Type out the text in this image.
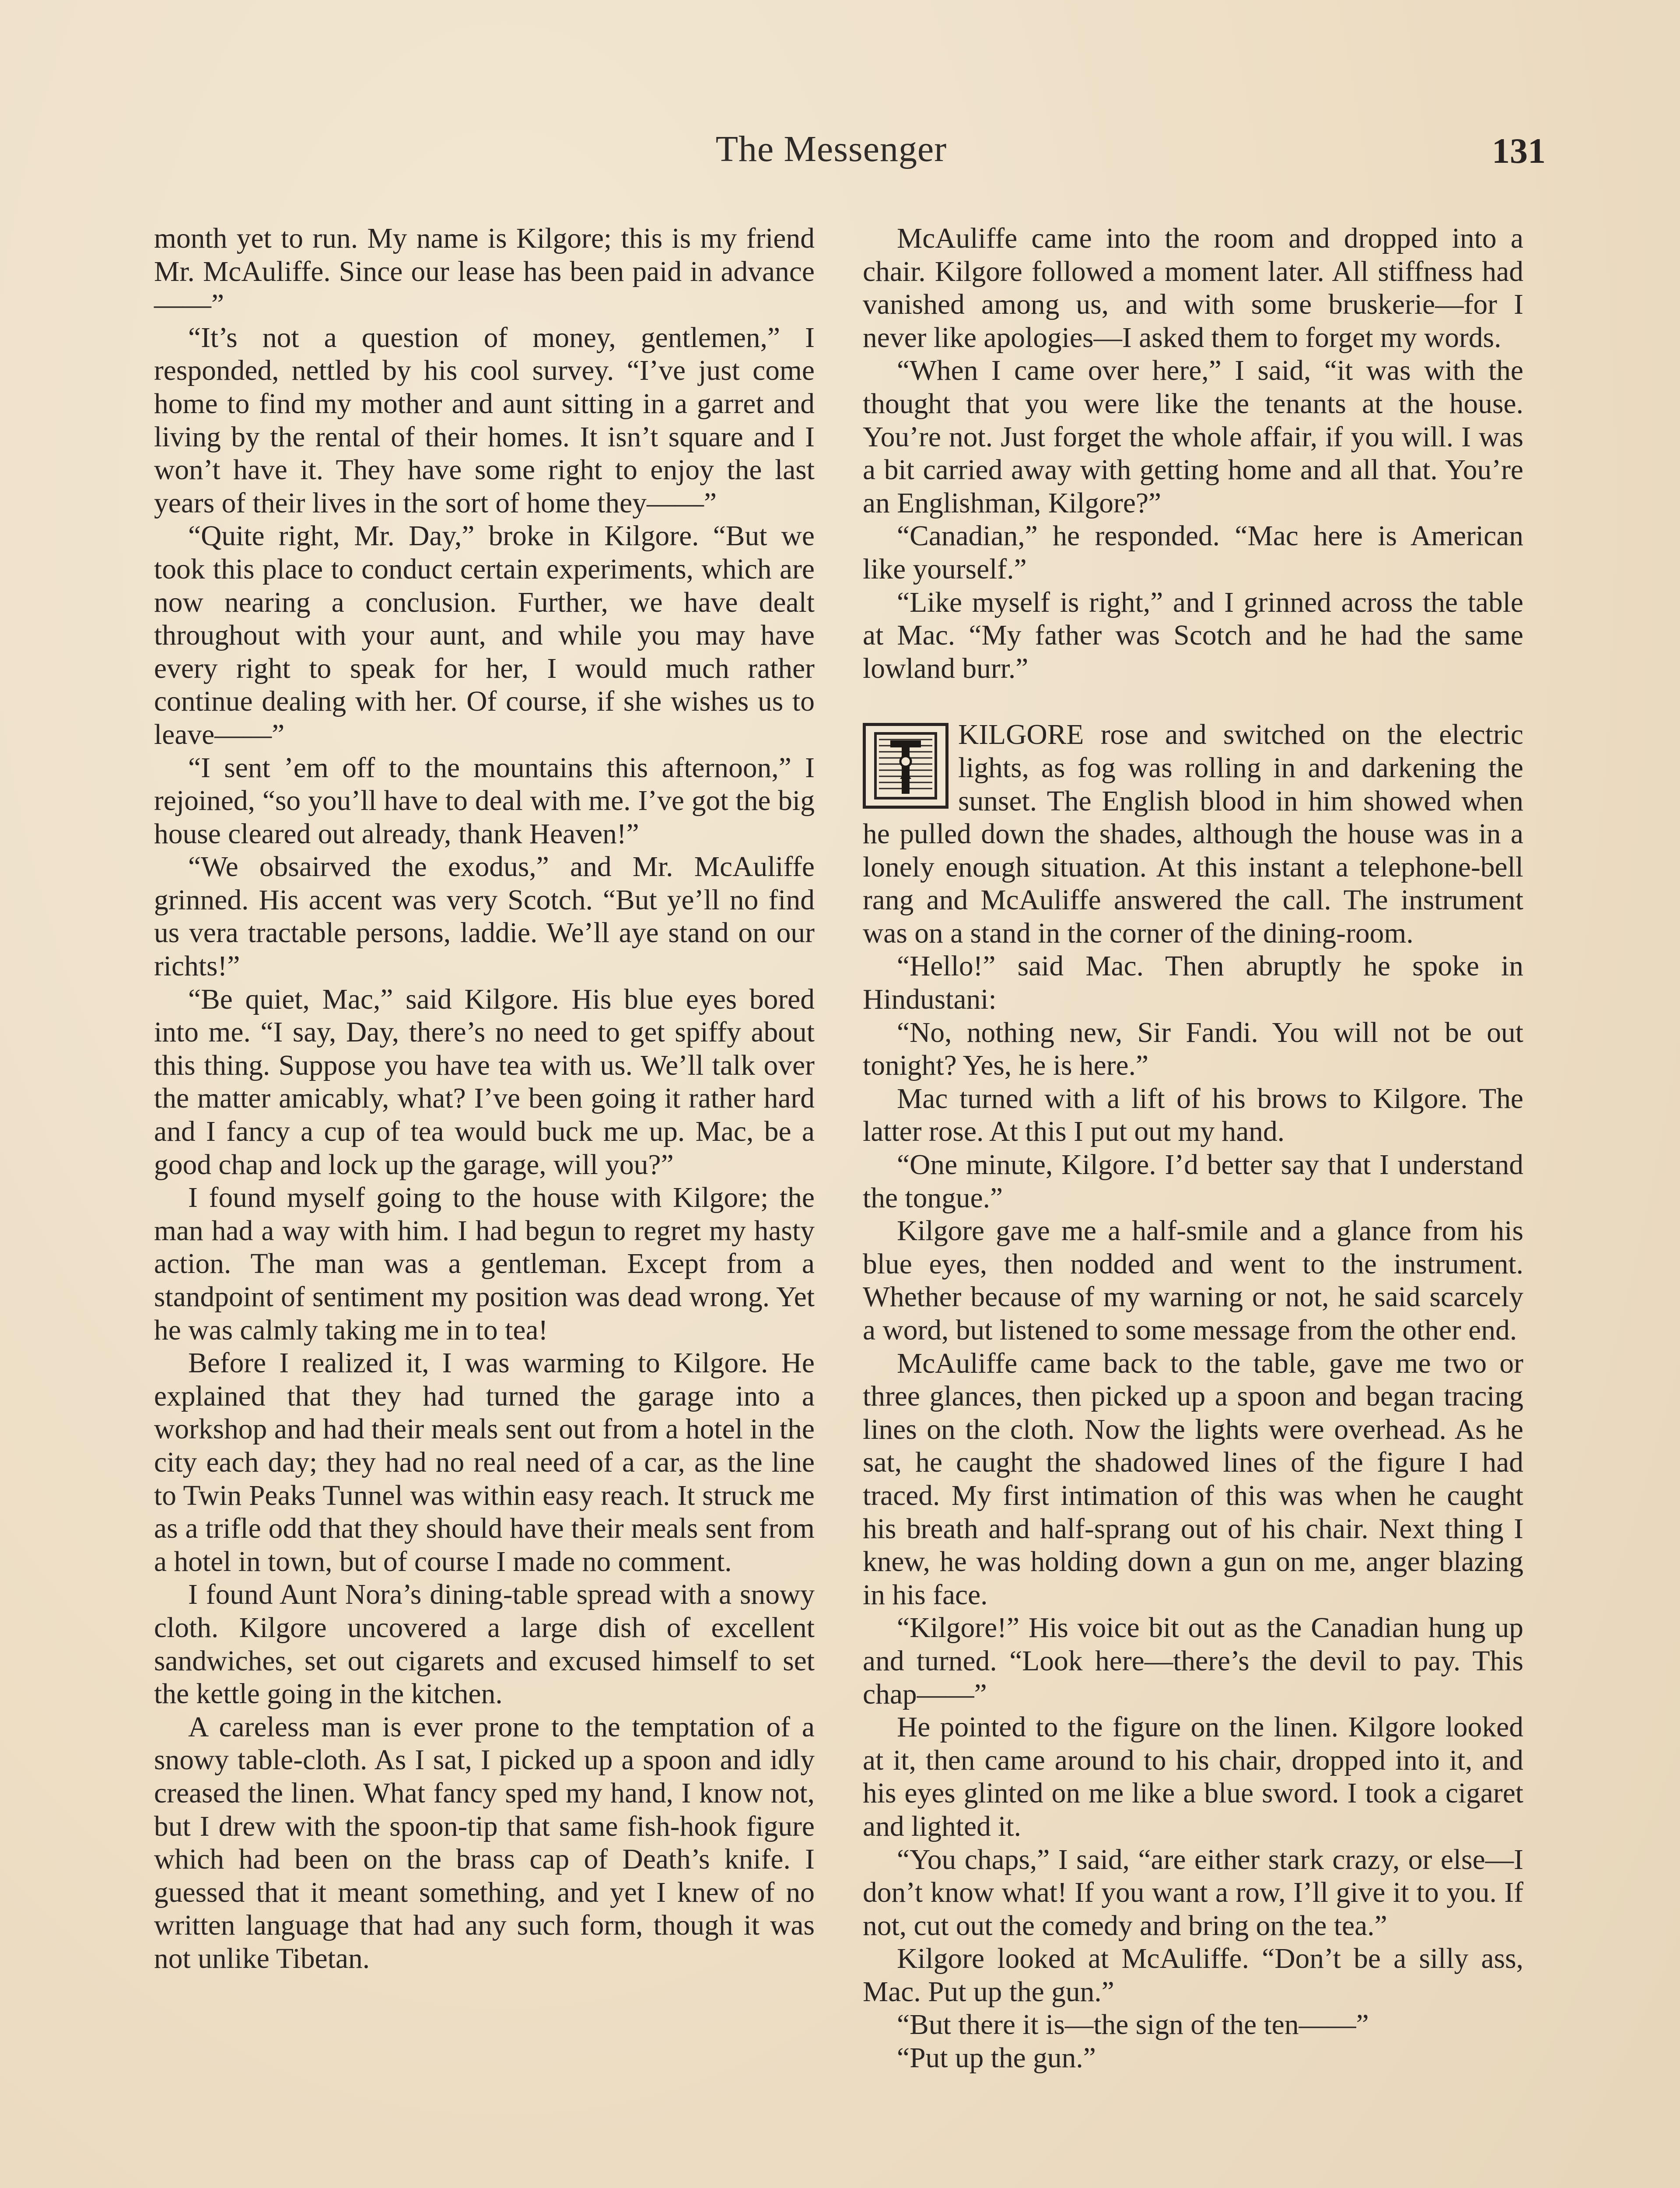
The Messenger	131

month yet to run. My name is Kilgore; this is my friend Mr. McAuliffe. Since our lease has been paid in advance——”

“It’s not a question of money, gentlemen,” I responded, nettled by his cool survey. “I’ve just come home to find my mother and aunt sitting in a garret and living by the rental of their homes. It isn’t square and I won’t have it. They have some right to enjoy the last years of their lives in the sort of home they——”

“Quite right, Mr. Day,” broke in Kilgore. “But we took this place to conduct certain experiments, which are now nearing a conclusion. Further, we have dealt throughout with your aunt, and while you may have every right to speak for her, I would much rather continue dealing with her. Of course, if she wishes us to leave——”

“I sent ’em off to the mountains this afternoon,” I rejoined, “so you’ll have to deal with me. I’ve got the big house cleared out already, thank Heaven!”

“We obsairved the exodus,” and Mr. McAuliffe grinned. His accent was very Scotch. “But ye’ll no find us vera tractable persons, laddie. We’ll aye stand on our richts!”

“Be quiet, Mac,” said Kilgore. His blue eyes bored into me. “I say, Day, there’s no need to get spiffy about this thing. Suppose you have tea with us. We’ll talk over the matter amicably, what? I’ve been going it rather hard and I fancy a cup of tea would buck me up. Mac, be a good chap and lock up the garage, will you?”

I found myself going to the house with Kilgore; the man had a way with him. I had begun to regret my hasty action. The man was a gentleman. Except from a standpoint of sentiment my position was dead wrong. Yet he was calmly taking me in to tea!

Before I realized it, I was warming to Kilgore. He explained that they had turned the garage into a workshop and had their meals sent out from a hotel in the city each day; they had no real need of a car, as the line to Twin Peaks Tunnel was within easy reach. It struck me as a trifle odd that they should have their meals sent from a hotel in town, but of course I made no comment.

I found Aunt Nora’s dining-table spread with a snowy cloth. Kilgore uncovered a large dish of excellent sandwiches, set out cigarets and excused himself to set the kettle going in the kitchen.

A careless man is ever prone to the temptation of a snowy table-cloth. As I sat, I picked up a spoon and idly creased the linen. What fancy sped my hand, I know not, but I drew with the spoon-tip that same fish-hook figure which had been on the brass cap of Death’s knife. I guessed that it meant something, and yet I knew of no written language that had any such form, though it was not unlike Tibetan.

McAuliffe came into the room and dropped into a chair. Kilgore followed a moment later. All stiffness had vanished among us, and with some bruskerie—for I never like apologies—I asked them to forget my words.

“When I came over here,” I said, “it was with the thought that you were like the tenants at the house. You’re not. Just forget the whole affair, if you will. I was a bit carried away with getting home and all that. You’re an Englishman, Kilgore?”

“Canadian,” he responded. “Mac here is American like yourself.”

“Like myself is right,” and I grinned across the table at Mac. “My father was Scotch and he had the same lowland burr.”

KILGORE rose and switched on the electric lights, as fog was rolling in and darkening the sunset. The English blood in him showed when he pulled down the shades, although the house was in a lonely enough situation. At this instant a telephone-bell rang and McAuliffe answered the call. The instrument was on a stand in the corner of the dining-room.

“Hello!” said Mac. Then abruptly he spoke in Hindustani:

“No, nothing new, Sir Fandi. You will not be out tonight? Yes, he is here.”

Mac turned with a lift of his brows to Kilgore. The latter rose. At this I put out my hand.

“One minute, Kilgore. I’d better say that I understand the tongue.”

Kilgore gave me a half-smile and a glance from his blue eyes, then nodded and went to the instrument. Whether because of my warning or not, he said scarcely a word, but listened to some message from the other end.

McAuliffe came back to the table, gave me two or three glances, then picked up a spoon and began tracing lines on the cloth. Now the lights were overhead. As he sat, he caught the shadowed lines of the figure I had traced. My first intimation of this was when he caught his breath and half-sprang out of his chair. Next thing I knew, he was holding down a gun on me, anger blazing in his face.

“Kilgore!” His voice bit out as the Canadian hung up and turned. “Look here—there’s the devil to pay. This chap——”

He pointed to the figure on the linen. Kilgore looked at it, then came around to his chair, dropped into it, and his eyes glinted on me like a blue sword. I took a cigaret and lighted it.

“You chaps,” I said, “are either stark crazy, or else—I don’t know what! If you want a row, I’ll give it to you. If not, cut out the comedy and bring on the tea.”

Kilgore looked at McAuliffe. “Don’t be a silly ass, Mac. Put up the gun.”

“But there it is—the sign of the ten——”

“Put up the gun.”
